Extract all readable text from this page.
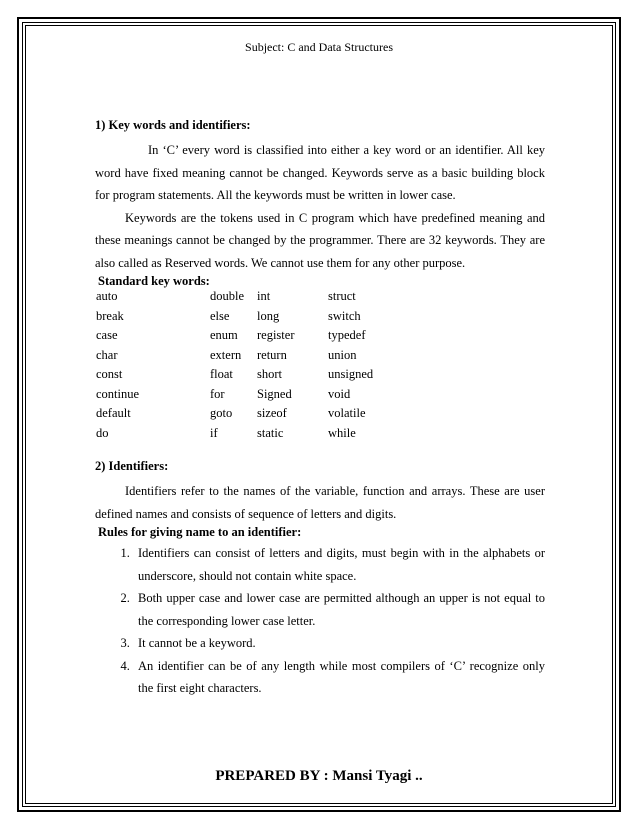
Subject: C and Data Structures

1) Key words and identifiers:

In ‘C’ every word is classified into either a key word or an identifier. All key word have fixed meaning cannot be changed. Keywords serve as a basic building block for program statements. All the keywords must be written in lower case.

Keywords are the tokens used in C program which have predefined meaning and these meanings cannot be changed by the programmer. There are 32 keywords. They are also called as Reserved words. We cannot use them for any other purpose.

Standard key words:

auto	double	int	struct
break	else	long	switch
case	enum	register	typedef
char	extern	return	union
const	float	short	unsigned
continue	for	Signed	void
default	goto	sizeof	volatile
do	if	static	while

2) Identifiers:

Identifiers refer to the names of the variable, function and arrays. These are user defined names and consists of sequence of letters and digits.

Rules for giving name to an identifier:

1. Identifiers can consist of letters and digits, must begin with in the alphabets or underscore, should not contain white space.
2. Both upper case and lower case are permitted although an upper is not equal to the corresponding lower case letter.
3. It cannot be a keyword.
4. An identifier can be of any length while most compilers of ‘C’ recognize only the first eight characters.
PREPARED BY : Mansi Tyagi ..
